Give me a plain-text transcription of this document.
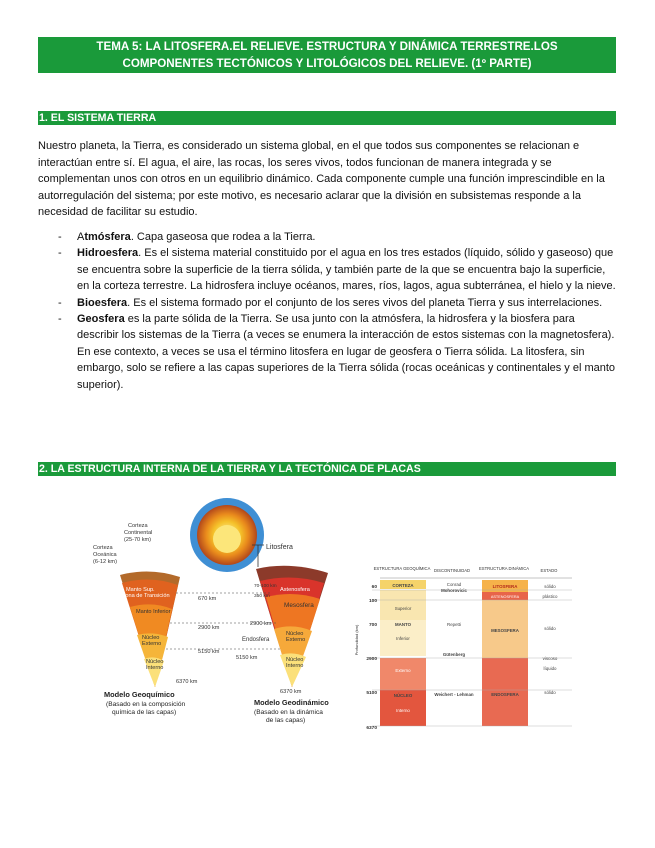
TEMA 5: LA LITOSFERA.EL RELIEVE. ESTRUCTURA Y DINÁMICA TERRESTRE.LOS
COMPONENTES TECTÓNICOS Y LITOLÓGICOS DEL RELIEVE. (1º PARTE)
1. EL SISTEMA TIERRA
Nuestro planeta, la Tierra, es considerado un sistema global, en el que todos sus componentes se relacionan e interactúan entre sí. El agua, el aire, las rocas, los seres vivos, todos funcionan de manera integrada y se complementan unos con otros en un equilibrio dinámico. Cada componente cumple una función imprescindible en la autorregulación del sistema; por este motivo, es necesario aclarar que la división en subsistemas responde a la necesidad de facilitar su estudio.
- Atmósfera. Capa gaseosa que rodea a la Tierra.
- Hidroesfera. Es el sistema material constituido por el agua en los tres estados (líquido, sólido y gaseoso) que se encuentra sobre la superficie de la tierra sólida, y también parte de la que se encuentra bajo la superficie, en la corteza terrestre. La hidrosfera incluye océanos, mares, ríos, lagos, agua subterránea, el hielo y la nieve.
- Bioesfera. Es el sistema formado por el conjunto de los seres vivos del planeta Tierra y sus interrelaciones.
- Geosfera es la parte sólida de la Tierra. Se usa junto con la atmósfera, la hidrosfera y la biosfera para describir los sistemas de la Tierra (a veces se enumera la interacción de estos sistemas con la magnetosfera). En ese contexto, a veces se usa el término litosfera en lugar de geosfera o Tierra sólida. La litosfera, sin embargo, solo se refiere a las capas superiores de la Tierra sólida (rocas oceánicas y continentales y el manto superior).
2. LA ESTRUCTURA INTERNA DE LA TIERRA Y LA TECTÓNICA DE PLACAS
Corteza Continental (25-70 km)
Corteza Oceánica (6-12 km)
Litosfera
Manto Sup. Zona de Transición
Manto Inferior
Núcleo Externo
Núcleo Interno
Astenosfera
Mesosfera
Núcleo Externo
Núcleo Interno
670 km
2900 km
5150 km
6370 km
70-100 km
350 km
2900 km
Endosfera
5150 km
6370 km
Modelo Geoquímico (Basado en la composición química de las capas)
Modelo Geodinámico (Basado en la dinámica de las capas)
ESTRUCTURA GEOQUÍMICA DISCONTINUIDAD ESTRUCTURA DINÁMICA	ESTADO
Profundidad (km)
60
100
700
2900
5100
6370
CORTEZA
Superior
MANTO
Inferior
Externo
NÚCLEO
Interno
Conrad
Mohorovicic
Repetti
Gütenberg
Weichert - Lehman
LITOSFERA
ASTENOSFERA
MESOSFERA
ENDOSFERA
sólido
plástico
sólido
viscoso
líquido
sólido
